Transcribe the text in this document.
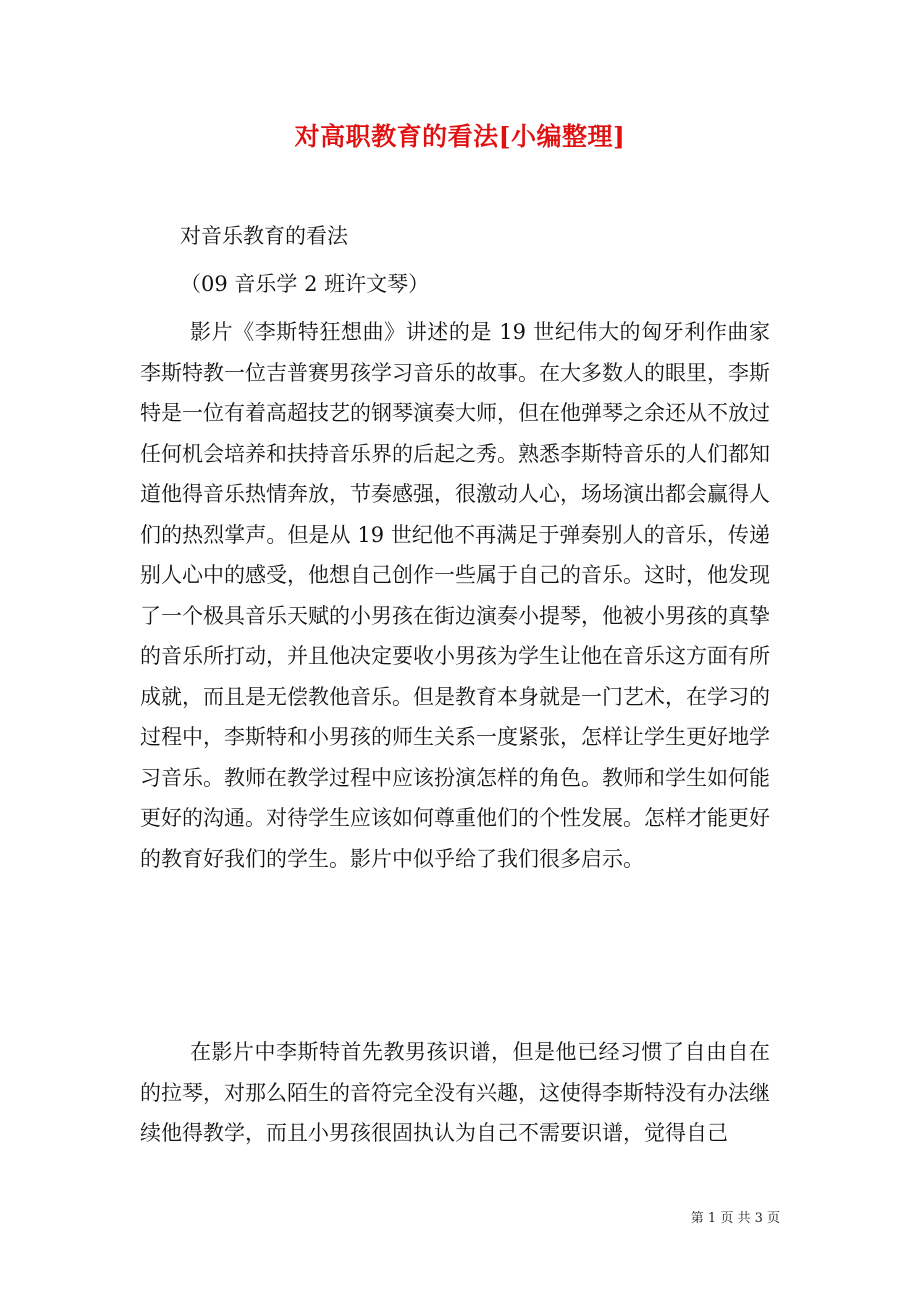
对高职教育的看法[小编整理]

对音乐教育的看法

（09 音乐学 2 班许文琴）

影片《李斯特狂想曲》讲述的是 19 世纪伟大的匈牙利作曲家李斯特教一位吉普赛男孩学习音乐的故事。在大多数人的眼里，李斯特是一位有着高超技艺的钢琴演奏大师，但在他弹琴之余还从不放过任何机会培养和扶持音乐界的后起之秀。熟悉李斯特音乐的人们都知道他得音乐热情奔放，节奏感强，很激动人心，场场演出都会赢得人们的热烈掌声。但是从 19 世纪他不再满足于弹奏别人的音乐，传递别人心中的感受，他想自己创作一些属于自己的音乐。这时，他发现了一个极具音乐天赋的小男孩在街边演奏小提琴，他被小男孩的真挚的音乐所打动，并且他决定要收小男孩为学生让他在音乐这方面有所成就，而且是无偿教他音乐。但是教育本身就是一门艺术，在学习的过程中，李斯特和小男孩的师生关系一度紧张，怎样让学生更好地学习音乐。教师在教学过程中应该扮演怎样的角色。教师和学生如何能更好的沟通。对待学生应该如何尊重他们的个性发展。怎样才能更好的教育好我们的学生。影片中似乎给了我们很多启示。

在影片中李斯特首先教男孩识谱，但是他已经习惯了自由自在的拉琴，对那么陌生的音符完全没有兴趣，这使得李斯特没有办法继续他得教学，而且小男孩很固执认为自己不需要识谱，觉得自己

第 1 页 共 3 页
